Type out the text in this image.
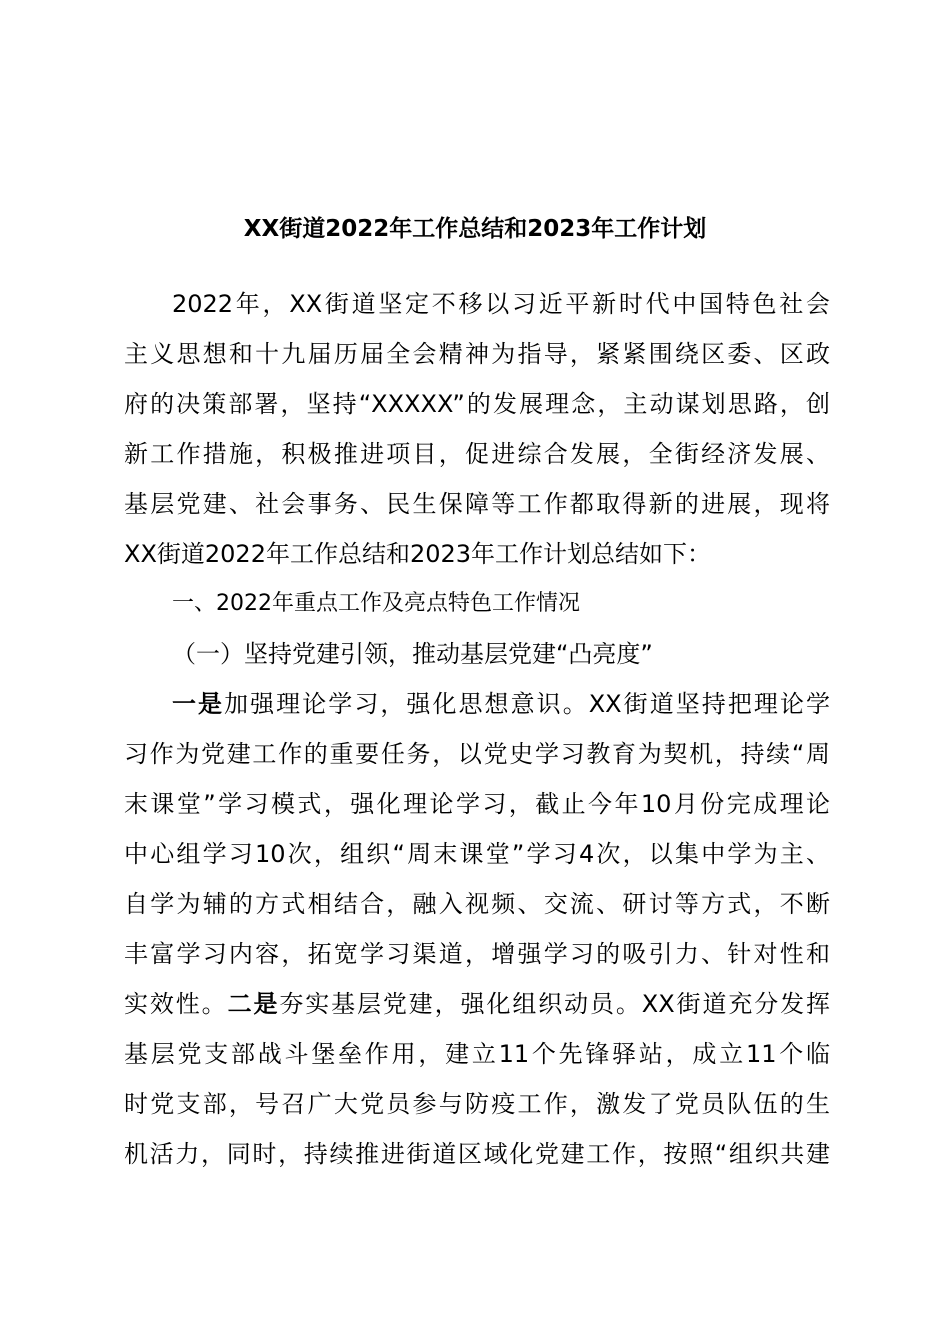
XX街道2022年工作总结和2023年工作计划
2022年，XX街道坚定不移以习近平新时代中国特色社会
主义思想和十九届历届全会精神为指导，紧紧围绕区委、区政
府的决策部署，坚持“XXXXX”的发展理念，主动谋划思路，创
新工作措施，积极推进项目，促进综合发展，全街经济发展、
基层党建、社会事务、民生保障等工作都取得新的进展，现将
XX街道2022年工作总结和2023年工作计划总结如下：
一、2022年重点工作及亮点特色工作情况
（一）坚持党建引领，推动基层党建“凸亮度”
一是加强理论学习，强化思想意识。XX街道坚持把理论学
习作为党建工作的重要任务，以党史学习教育为契机，持续“周
末课堂”学习模式，强化理论学习，截止今年10月份完成理论
中心组学习10次，组织“周末课堂”学习4次，以集中学为主、
自学为辅的方式相结合，融入视频、交流、研讨等方式，不断
丰富学习内容，拓宽学习渠道，增强学习的吸引力、针对性和
实效性。二是夯实基层党建，强化组织动员。XX街道充分发挥
基层党支部战斗堡垒作用，建立11个先锋驿站，成立11个临
时党支部，号召广大党员参与防疫工作，激发了党员队伍的生
机活力，同时，持续推进街道区域化党建工作，按照“组织共建
